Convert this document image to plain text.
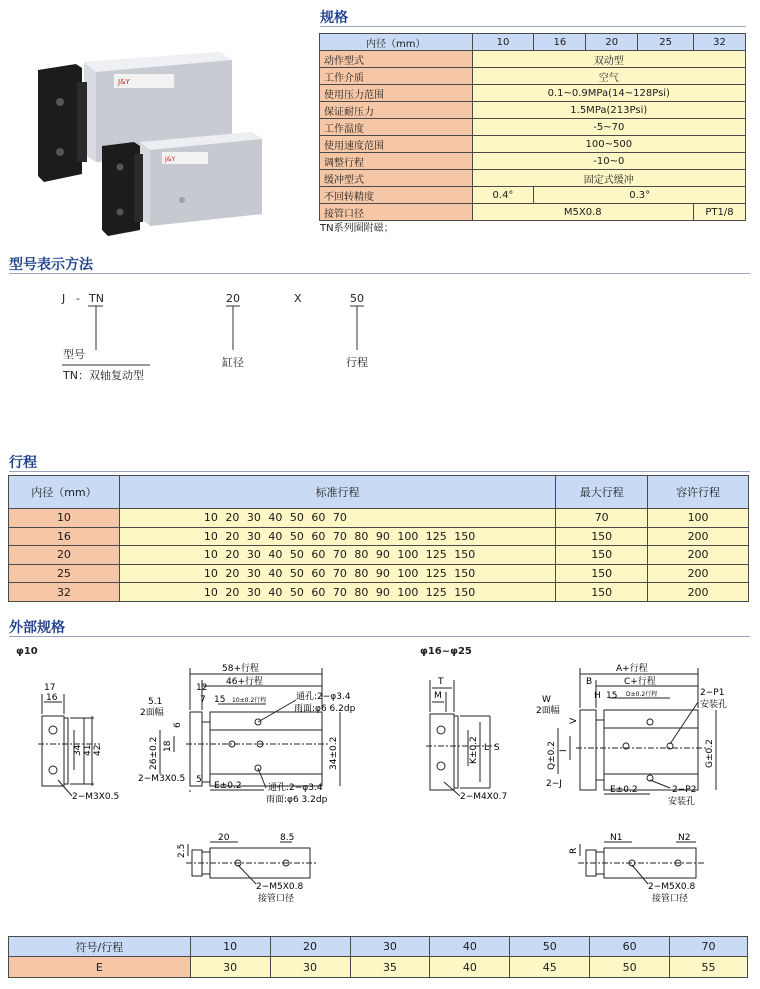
J&Y
J&Y
规格
内径（mm）	10	16	20	25	32
动作型式	双动型				
工作介质	空气				
使用压力范围	0.1~0.9MPa(14~128Psi)				
保证耐压力	1.5MPa(213Psi)				
工作温度	-5~70				
使用速度范围	100~500				
调整行程	-10~0				
缓冲型式	固定式缓冲				
不回转精度	0.4°	0.3°			
接管口径	M5X0.8				PT1/8
TN系列圈附磁；
型号表示方法
J - TN	20	X	50
型号
TN：双轴复动型
缸径	行程
行程
内径（mm）	标准行程	最大行程	容许行程
10	10 20 30 40 50 60 70	70	100
16	10 20 30 40 50 60 70 80 90 100 125 150	150	200
20	10 20 30 40 50 60 70 80 90 100 125 150	150	200
25	10 20 30 40 50 60 70 80 90 100 125 150	150	200
32	10 20 30 40 50 60 70 80 90 100 125 150	150	200
外部规格
φ10
17
16
34 41 42
2−M3X0.5
58+行程
46+行程
12
7 15 10±0.2行程
5.1
2面幅
6
26±0.2 18	34±0.2
2−M3X0.5 5
E±0.2
通孔:2−φ3.4
雨面:φ6 6.2dp
通孔:2−φ3.4
雨面:φ6 3.2dp
2.5
20	8.5
2−M5X0.8
接管口径
φ16~φ25
T
M
K±0.2 L S
2−M4X0.7
A+行程
B	C+行程
H 15 D±0.2行程	2−P1
安装孔
W
2面幅
V
Q±0.2 I
2−J
E±0.2
G±0.2
2−P2
安装孔
R
N1	N2
2−M5X0.8
接管口径
符号/行程	10	20	30	40	50	60	70
E	30	30	35	40	45	50	55
